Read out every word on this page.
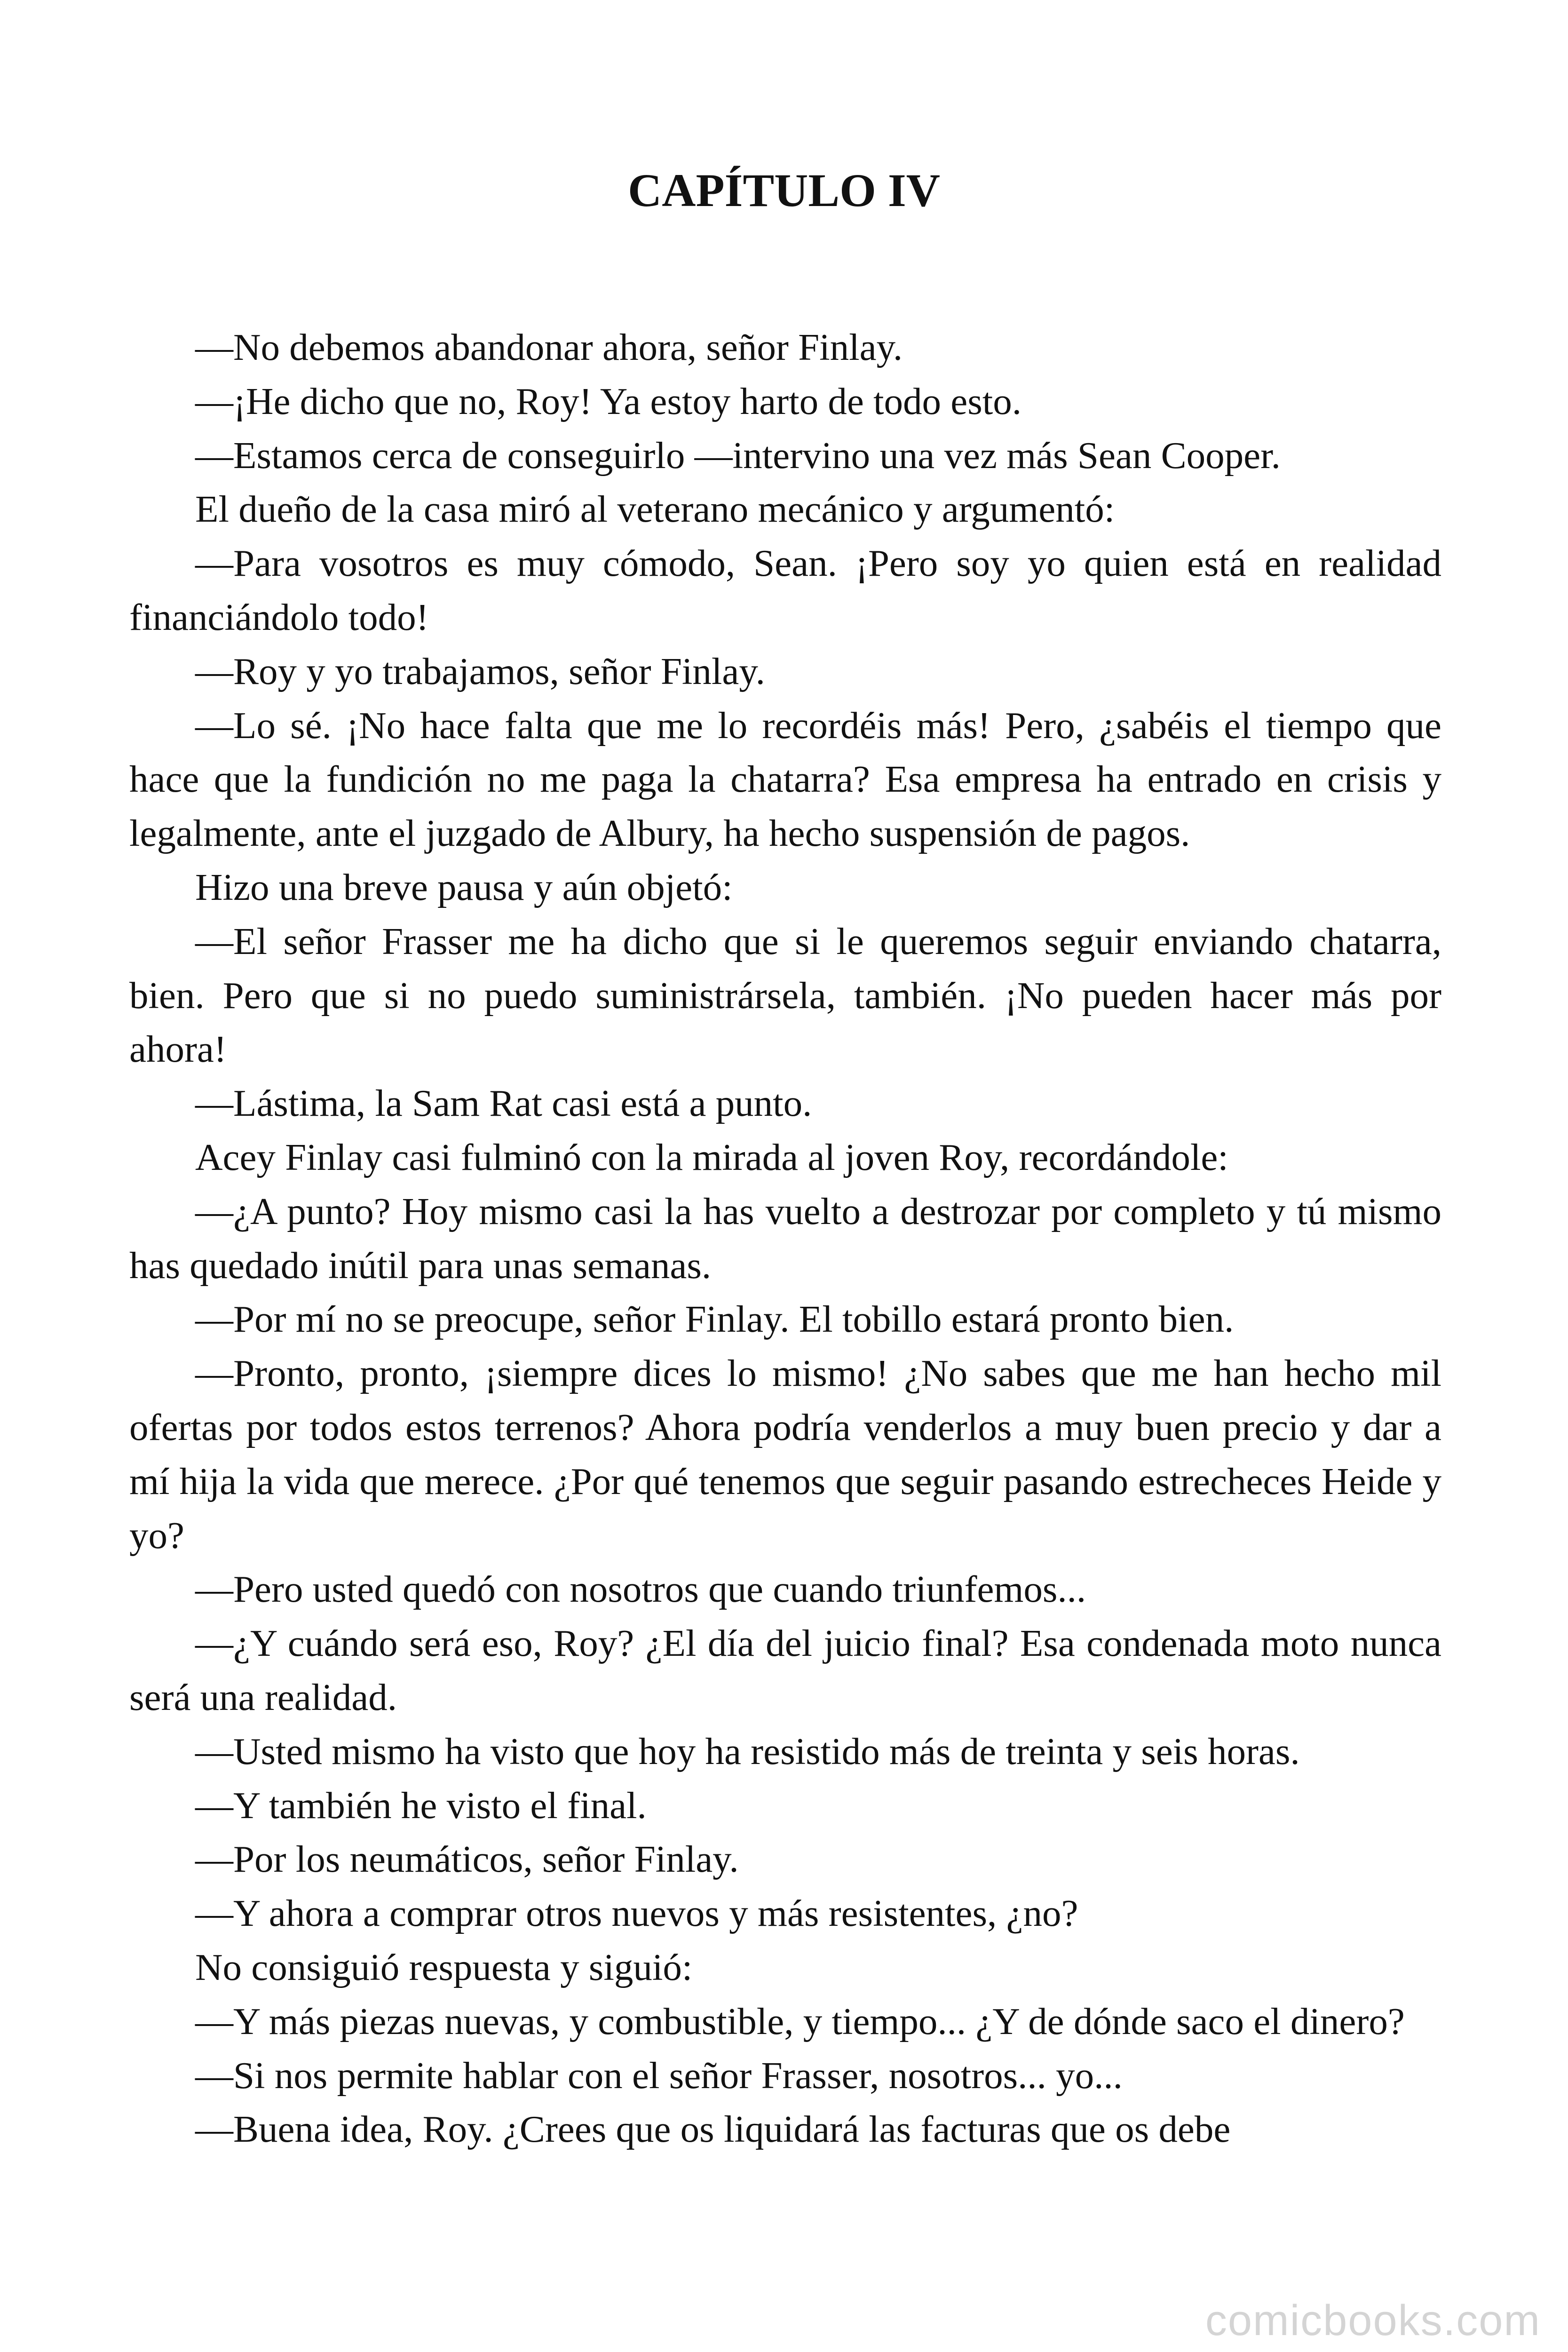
CAPÍTULO IV

—No debemos abandonar ahora, señor Finlay.

—¡He dicho que no, Roy! Ya estoy harto de todo esto.

—Estamos cerca de conseguirlo —intervino una vez más Sean Cooper.

El dueño de la casa miró al veterano mecánico y argumentó:

—Para vosotros es muy cómodo, Sean. ¡Pero soy yo quien está en realidad financiándolo todo!

—Roy y yo trabajamos, señor Finlay.

—Lo sé. ¡No hace falta que me lo recordéis más! Pero, ¿sabéis el tiempo que hace que la fundición no me paga la chatarra? Esa empresa ha entrado en crisis y legalmente, ante el juzgado de Albury, ha hecho suspensión de pagos.

Hizo una breve pausa y aún objetó:

—El señor Frasser me ha dicho que si le queremos seguir enviando chatarra, bien. Pero que si no puedo suministrársela, también. ¡No pueden hacer más por ahora!

—Lástima, la Sam Rat casi está a punto.

Acey Finlay casi fulminó con la mirada al joven Roy, recordándole:

—¿A punto? Hoy mismo casi la has vuelto a destrozar por completo y tú mismo has quedado inútil para unas semanas.

—Por mí no se preocupe, señor Finlay. El tobillo estará pronto bien.

—Pronto, pronto, ¡siempre dices lo mismo! ¿No sabes que me han hecho mil ofertas por todos estos terrenos? Ahora podría venderlos a muy buen precio y dar a mí hija la vida que merece. ¿Por qué tenemos que seguir pasando estrecheces Heide y yo?

—Pero usted quedó con nosotros que cuando triunfemos...

—¿Y cuándo será eso, Roy? ¿El día del juicio final? Esa condenada moto nunca será una realidad.

—Usted mismo ha visto que hoy ha resistido más de treinta y seis horas.

—Y también he visto el final.

—Por los neumáticos, señor Finlay.

—Y ahora a comprar otros nuevos y más resistentes, ¿no?

No consiguió respuesta y siguió:

—Y más piezas nuevas, y combustible, y tiempo... ¿Y de dónde saco el dinero?

—Si nos permite hablar con el señor Frasser, nosotros... yo...

—Buena idea, Roy. ¿Crees que os liquidará las facturas que os debe

comicbooks.com
